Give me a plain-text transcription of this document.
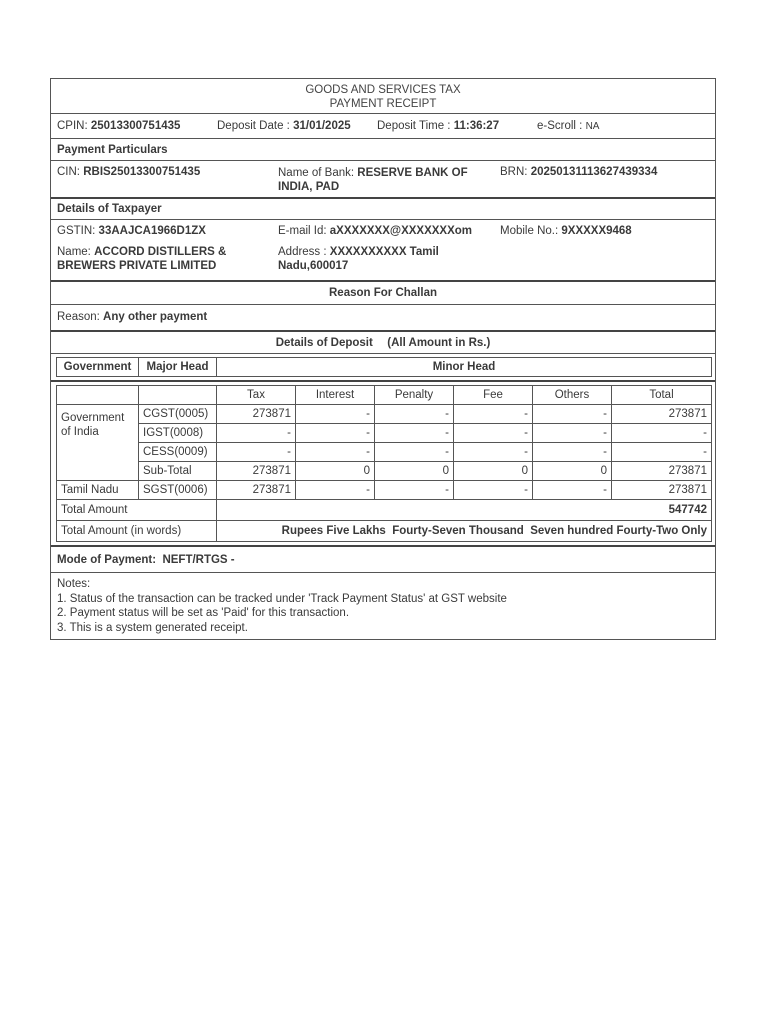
GOODS AND SERVICES TAX
PAYMENT RECEIPT
CPIN: 25013300751435	Deposit Date : 31/01/2025 Deposit Time : 11:36:27	e-Scroll : NA
Payment Particulars
CIN: RBIS25013300751435	Name of Bank: RESERVE BANK OF INDIA, PAD
BRN: 20250131113627439334
Details of Taxpayer
GSTIN: 33AAJCA1966D1ZX	E-mail Id: aXXXXXXX@XXXXXXXom Mobile No.: 9XXXXX9468
Name: ACCORD DISTILLERS & BREWERS PRIVATE LIMITED
Address : XXXXXXXXXX Tamil Nadu,600017
Reason For Challan
Reason: Any other payment
Details of Deposit (All Amount in Rs.)
Government	Major Head	Minor Head
		Tax	Interest	Penalty	Fee	Others	Total
Government of India	CGST(0005)	273871	-	-	-	-	273871
	IGST(0008)	-	-	-	-	-	-
	CESS(0009)	-	-	-	-	-	-
	Sub-Total	273871	0	0	0	0	273871
Tamil Nadu	SGST(0006)	273871	-	-	-	-	273871
Total Amount		547742					
Total Amount (in words)		Rupees Five Lakhs  Fourty-Seven Thousand  Seven hundred Fourty-Two Only					
Mode of Payment: NEFT/RTGS -
Notes:
1. Status of the transaction can be tracked under 'Track Payment Status' at GST website
2. Payment status will be set as 'Paid' for this transaction.
3. This is a system generated receipt.
